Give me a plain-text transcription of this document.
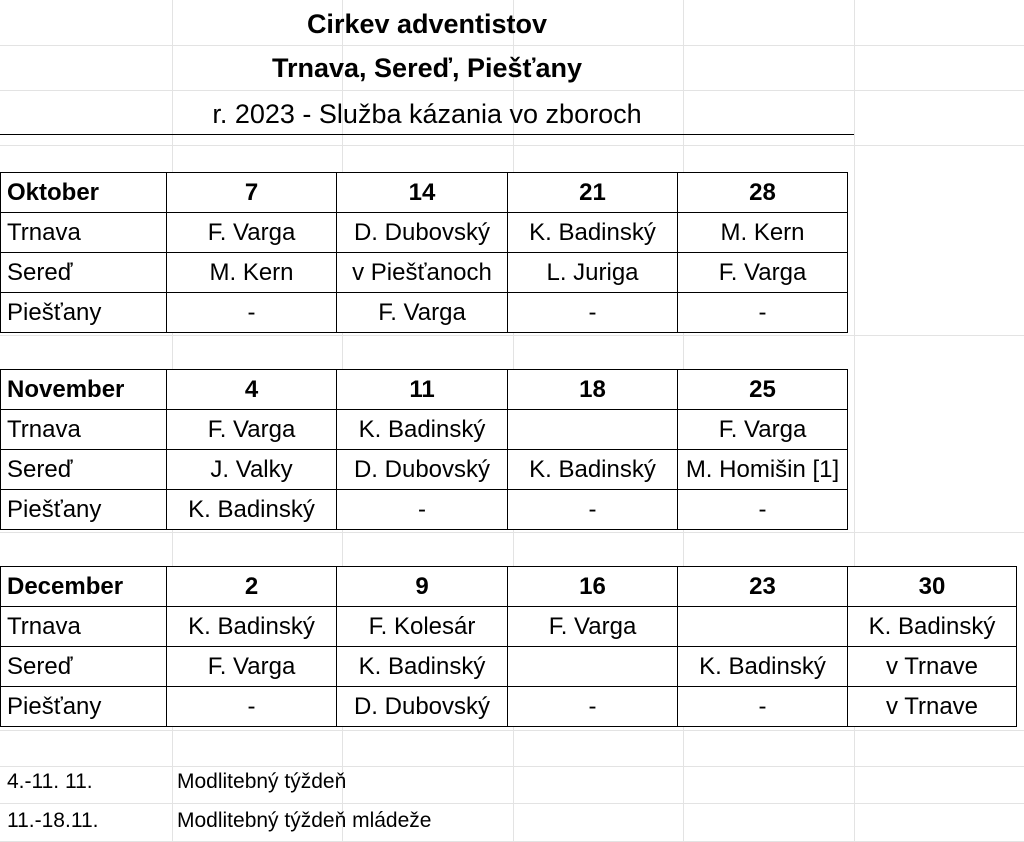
Cirkev adventistov
Trnava, Sereď, Piešťany
r. 2023 - Služba kázania vo zboroch
Oktober	7	14	21	28
Trnava	F. Varga	D. Dubovský	K. Badinský	M. Kern
Sereď	M. Kern	v Piešťanoch	L. Juriga	F. Varga
Piešťany	-	F. Varga	-	-
November	4	11	18	25
Trnava	F. Varga	K. Badinský		F. Varga
Sereď	J. Valky	D. Dubovský	K. Badinský	M. Homišin [1]
Piešťany	K. Badinský	-	-	-
December	2	9	16	23	30
Trnava	K. Badinský	F. Kolesár	F. Varga		K. Badinský
Sereď	F. Varga	K. Badinský		K. Badinský	v Trnave
Piešťany	-	D. Dubovský	-	-	v Trnave
4.-11. 11.	Modlitebný týždeň
11.-18.11.	Modlitebný týždeň mládeže
